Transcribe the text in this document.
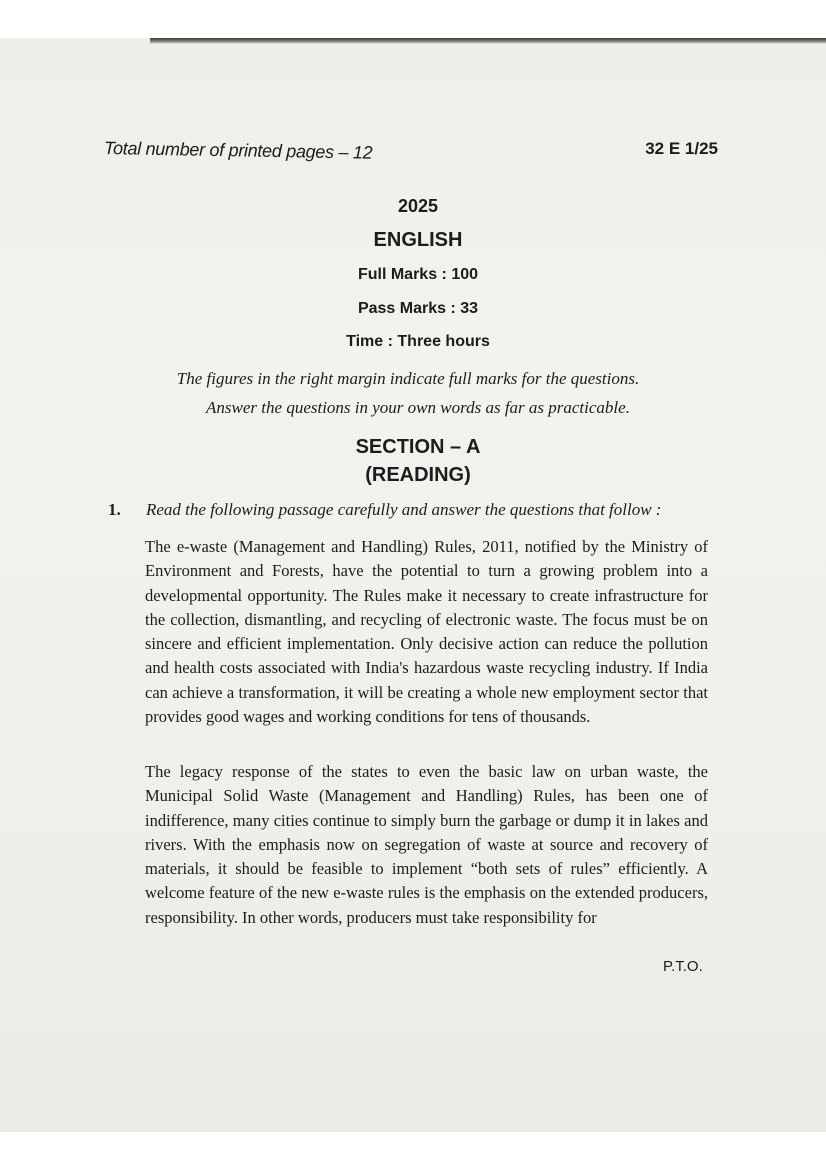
Total number of printed pages – 12	32 E 1/25
2025
ENGLISH
Full Marks : 100
Pass Marks : 33
Time : Three hours
The figures in the right margin indicate full marks for the questions.
Answer the questions in your own words as far as practicable.
SECTION – A
(READING)
1.	Read the following passage carefully and answer the questions that follow :

The e-waste (Management and Handling) Rules, 2011, notified by the Ministry of Environment and Forests, have the potential to turn a growing problem into a developmental opportunity. The Rules make it necessary to create infrastructure for the collection, dismantling, and recycling of electronic waste. The focus must be on sincere and efficient implementation. Only decisive action can reduce the pollution and health costs associated with India's hazardous waste recycling industry. If India can achieve a transformation, it will be creating a whole new employment sector that provides good wages and working conditions for tens of thousands.

The legacy response of the states to even the basic law on urban waste, the Municipal Solid Waste (Management and Handling) Rules, has been one of indifference, many cities continue to simply burn the garbage or dump it in lakes and rivers. With the emphasis now on segregation of waste at source and recovery of materials, it should be feasible to implement “both sets of rules” efficiently. A welcome feature of the new e-waste rules is the emphasis on the extended producers, responsibility. In other words, producers must take responsibility for

P.T.O.
